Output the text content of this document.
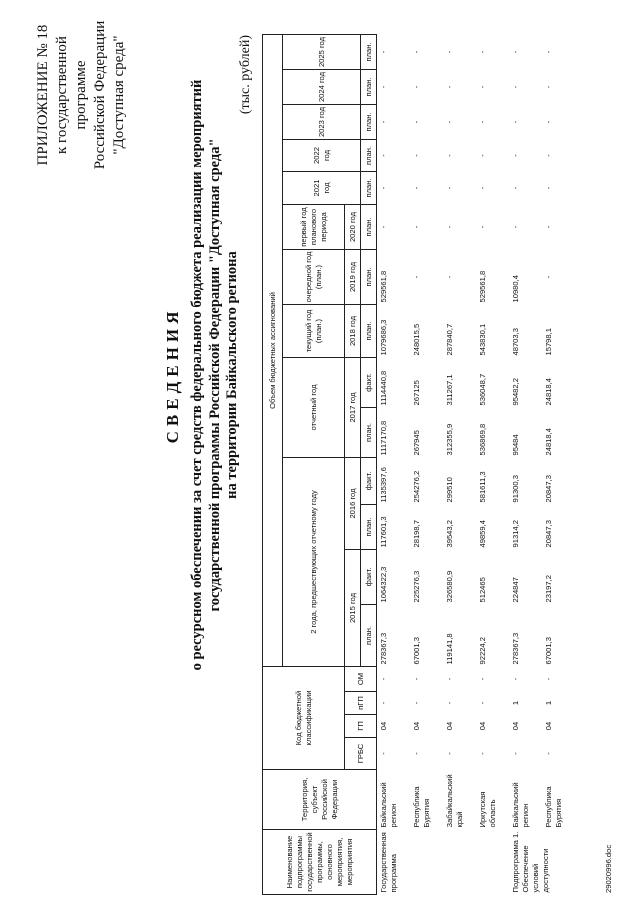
ПРИЛОЖЕНИЕ № 18 к государственной программе Российской Федерации "Доступная среда"
СВЕДЕНИЯ о ресурсном обеспечении за счет средств федерального бюджета реализации мероприятий государственной программы Российской Федерации "Доступная среда" на территории Байкальского региона
(тыс. рублей)
Наименование подпрограммы государственной программы, основного мероприятия, мероприятия	Территория, субъект Российской Федерации	Код бюджетной классификации				Объем бюджетных ассигнований													
						2 года, предшествующих отчетному году				отчетный год		текущий год (план.)	очередной год (план.)	первый год планового периода	2021 год	2022 год	2023 год	2024 год	2025 год
		ГРБС	ГП	пГП	ОМ	2015 год		2016 год		2017 год		2018 год	2019 год	2020 год					
						план.	факт.	план.	факт.	план.	факт.	план.	план.	план.	план.	план.	план.	план.	план.
Государственная программа	Байкальский регион	-	04	-	-	278367,3	1064322,3	117601,3	1135397,6	1117170,8	1114440,8	1079686,3	529561,8	-	-	-	-	-	-
	Республика Бурятия	-	04	-	-	67001,3	225276,3	28198,7	254276,2	267945	267125	248015,5	-	-	-	-	-	-	-
	Забайкальский край	-	04	-	-	119141,8	326580,9	39543,2	299510	312355,9	311267,1	287840,7	-	-	-	-	-	-	-
	Иркутская область	-	04	-	-	92224,2	512465	49859,4	581611,3	536869,8	536048,7	543830,1	529561,8	-	-	-	-	-	-
Подпрограмма 1. Обеспечение условий доступности	Байкальский регион	-	04	1	-	278367,3	224847	91314,2	91300,3	95484	95482,2	48703,3	10980,4	-	-	-	-	-	-
	Республика Бурятия	-	04	1	-	67001,3	23197,2	20847,3	20847,3	24818,4	24818,4	15798,1	-	-	-	-	-	-	-
29020996.doc
